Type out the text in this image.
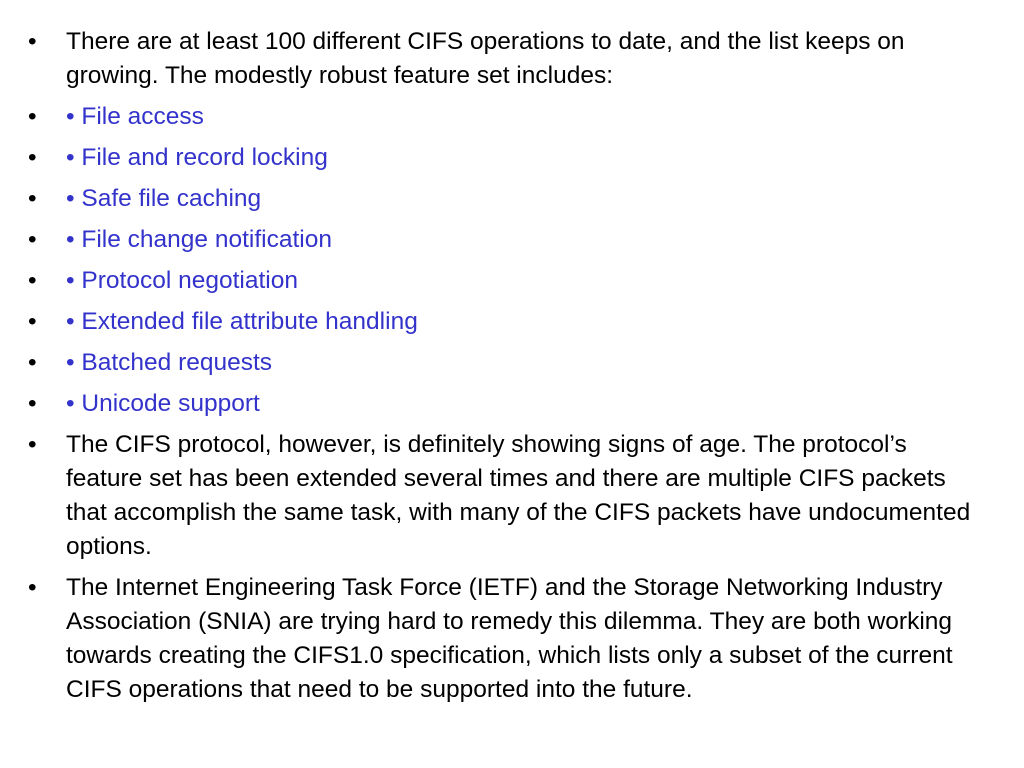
•	There are at least 100 different CIFS operations to date, and the list keeps on growing. The modestly robust feature set includes:
•	• File access
•	• File and record locking
•	• Safe file caching
•	• File change notification
•	• Protocol negotiation
•	• Extended file attribute handling
•	• Batched requests
•	• Unicode support
•	The CIFS protocol, however, is definitely showing signs of age. The protocol’s feature set has been extended several times and there are multiple CIFS packets that accomplish the same task, with many of the CIFS packets have undocumented options.
•	The Internet Engineering Task Force (IETF) and the Storage Networking Industry Association (SNIA) are trying hard to remedy this dilemma. They are both working towards creating the CIFS1.0 specification, which lists only a subset of the current CIFS operations that need to be supported into the future.
